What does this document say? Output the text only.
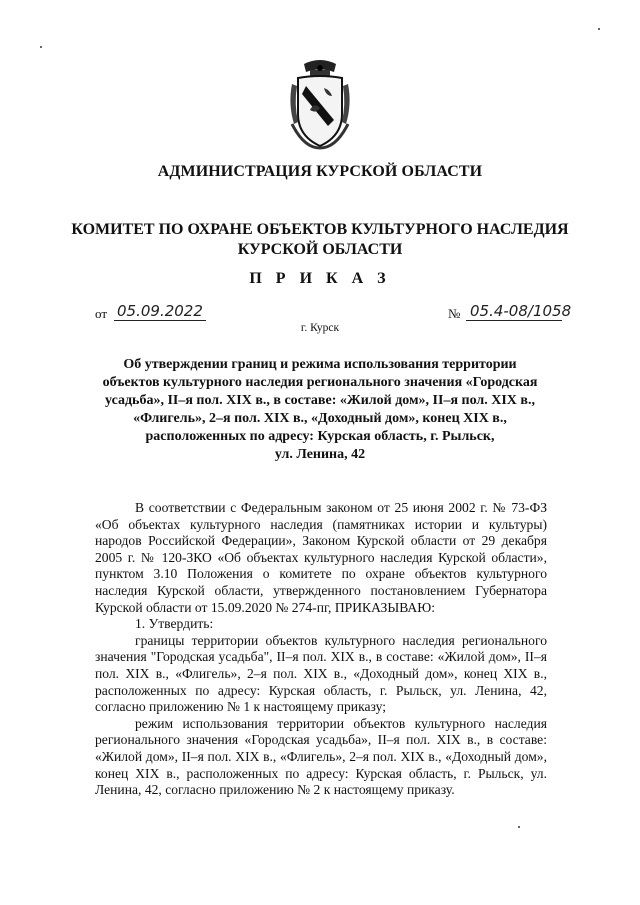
АДМИНИСТРАЦИЯ КУРСКОЙ ОБЛАСТИ
КОМИТЕТ ПО ОХРАНЕ ОБЪЕКТОВ КУЛЬТУРНОГО НАСЛЕДИЯ
КУРСКОЙ ОБЛАСТИ
П Р И К А З
от 05.09.2022	№ 05.4-08/1058
г. Курск
Об утверждении границ и режима использования территории
объектов культурного наследия регионального значения «Городская
усадьба», II–я пол. XIX в., в составе: «Жилой дом», II–я пол. XIX в.,
«Флигель», 2–я пол. XIX в., «Доходный дом», конец XIX в.,
расположенных по адресу: Курская область, г. Рыльск,
ул. Ленина, 42

В соответствии с Федеральным законом от 25 июня 2002 г. № 73-ФЗ «Об объектах культурного наследия (памятниках истории и культуры) народов Российской Федерации», Законом Курской области от 29 декабря 2005 г. № 120-ЗКО «Об объектах культурного наследия Курской области», пунктом 3.10 Положения о комитете по охране объектов культурного наследия Курской области, утвержденного постановлением Губернатора Курской области от 15.09.2020 № 274-пг, ПРИКАЗЫВАЮ:

1. Утвердить:

границы территории объектов культурного наследия регионального значения "Городская усадьба", II–я пол. XIX в., в составе: «Жилой дом», II–я пол. XIX в., «Флигель», 2–я пол. XIX в., «Доходный дом», конец XIX в., расположенных по адресу: Курская область, г. Рыльск, ул. Ленина, 42, согласно приложению № 1 к настоящему приказу;

режим использования территории объектов культурного наследия регионального значения «Городская усадьба», II–я пол. XIX в., в составе: «Жилой дом», II–я пол. XIX в., «Флигель», 2–я пол. XIX в., «Доходный дом», конец XIX в., расположенных по адресу: Курская область, г. Рыльск, ул. Ленина, 42, согласно приложению № 2 к настоящему приказу.
